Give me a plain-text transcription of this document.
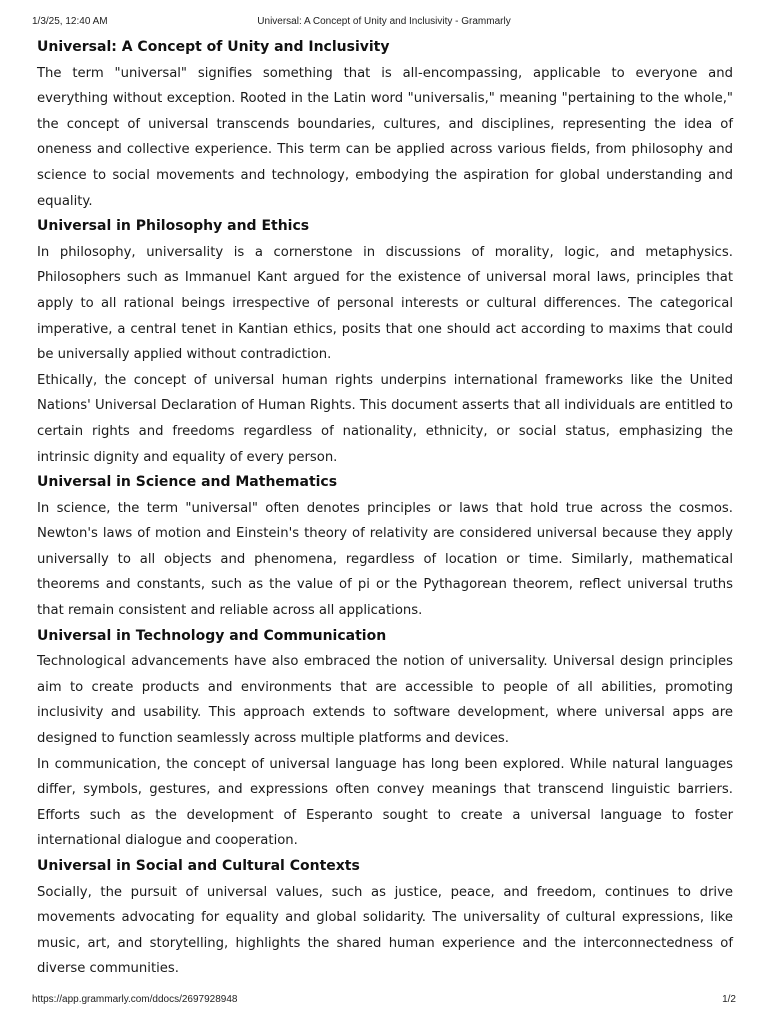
1/3/25, 12:40 AM	Universal: A Concept of Unity and Inclusivity - Grammarly
Universal: A Concept of Unity and Inclusivity

The term "universal" signifies something that is all-encompassing, applicable to everyone and everything without exception. Rooted in the Latin word "universalis," meaning "pertaining to the whole," the concept of universal transcends boundaries, cultures, and disciplines, representing the idea of oneness and collective experience. This term can be applied across various fields, from philosophy and science to social movements and technology, embodying the aspiration for global understanding and equality.

Universal in Philosophy and Ethics

In philosophy, universality is a cornerstone in discussions of morality, logic, and metaphysics. Philosophers such as Immanuel Kant argued for the existence of universal moral laws, principles that apply to all rational beings irrespective of personal interests or cultural differences. The categorical imperative, a central tenet in Kantian ethics, posits that one should act according to maxims that could be universally applied without contradiction.

Ethically, the concept of universal human rights underpins international frameworks like the United Nations' Universal Declaration of Human Rights. This document asserts that all individuals are entitled to certain rights and freedoms regardless of nationality, ethnicity, or social status, emphasizing the intrinsic dignity and equality of every person.

Universal in Science and Mathematics

In science, the term "universal" often denotes principles or laws that hold true across the cosmos. Newton's laws of motion and Einstein's theory of relativity are considered universal because they apply universally to all objects and phenomena, regardless of location or time. Similarly, mathematical theorems and constants, such as the value of pi or the Pythagorean theorem, reflect universal truths that remain consistent and reliable across all applications.

Universal in Technology and Communication

Technological advancements have also embraced the notion of universality. Universal design principles aim to create products and environments that are accessible to people of all abilities, promoting inclusivity and usability. This approach extends to software development, where universal apps are designed to function seamlessly across multiple platforms and devices.

In communication, the concept of universal language has long been explored. While natural languages differ, symbols, gestures, and expressions often convey meanings that transcend linguistic barriers. Efforts such as the development of Esperanto sought to create a universal language to foster international dialogue and cooperation.

Universal in Social and Cultural Contexts

Socially, the pursuit of universal values, such as justice, peace, and freedom, continues to drive movements advocating for equality and global solidarity. The universality of cultural expressions, like music, art, and storytelling, highlights the shared human experience and the interconnectedness of diverse communities.

https://app.grammarly.com/ddocs/2697928948	1/2
